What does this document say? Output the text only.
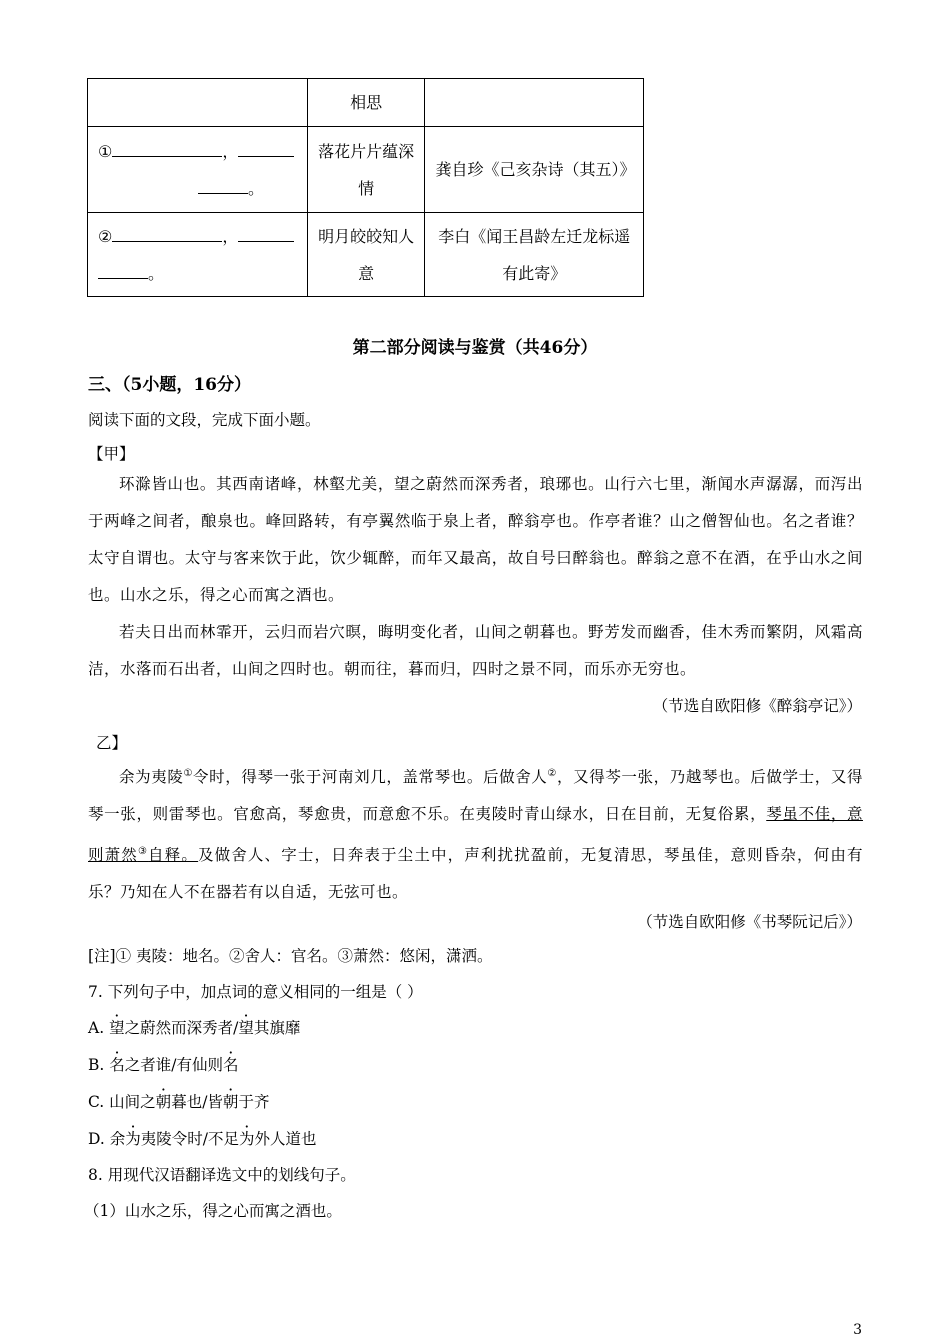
	相思	
① ，
。	落花片片蕴深情	龚自珍《己亥杂诗（其五）》
② ，
。	明月皎皎知人意	李白《闻王昌龄左迁龙标遥有此寄》
第二部分阅读与鉴赏（共46分）
三、（5小题，16分）
阅读下面的文段，完成下面小题。
【甲】
环滁皆山也。其西南诸峰，林壑尤美，望之蔚然而深秀者，琅琊也。山行六七里，渐闻水声潺潺，而泻出于两峰之间者，酿泉也。峰回路转，有亭翼然临于泉上者，醉翁亭也。作亭者谁？山之僧智仙也。名之者谁？太守自谓也。太守与客来饮于此，饮少辄醉，而年又最高，故自号曰醉翁也。醉翁之意不在酒，在乎山水之间也。山水之乐，得之心而寓之酒也。
若夫日出而林霏开，云归而岩穴暝，晦明变化者，山间之朝暮也。野芳发而幽香，佳木秀而繁阴，风霜高洁，水落而石出者，山间之四时也。朝而往，暮而归，四时之景不同，而乐亦无穷也。
（节选自欧阳修《醉翁亭记》）
乙】
余为夷陵①令时，得琴一张于河南刘几，盖常琴也。后做舍人②，又得芩一张，乃越琴也。后做学士，又得琴一张，则雷琴也。官愈高，琴愈贵，而意愈不乐。在夷陵时青山绿水，日在目前，无复俗累，琴虽不佳，意则萧然③自释。及做舍人、字士，日奔表于尘土中，声利扰扰盈前，无复清思，琴虽佳，意则昏杂，何由有乐？乃知在人不在器若有以自适，无弦可也。
（节选自欧阳修《书琴阮记后》）
[注]① 夷陵：地名。②舍人：官名。③萧然：悠闲，潇洒。
7. 下列句子中，加点词的意义相同的一组是（ ）
A. 望之蔚然而深秀者/望其旗靡
B. 名之者谁/有仙则名
C. 山间之朝暮也/皆朝于齐
D. 余为夷陵令时/不足为外人道也
8. 用现代汉语翻译选文中的划线句子。
（1）山水之乐，得之心而寓之酒也。
3
